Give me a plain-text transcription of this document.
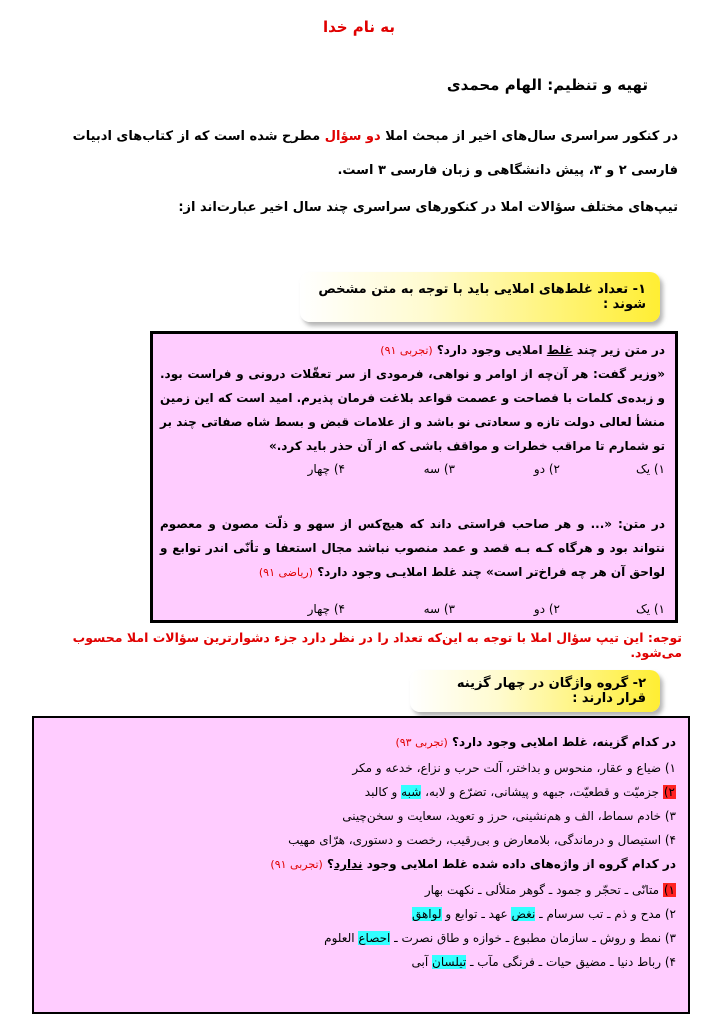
به نام خدا
تهیه و تنظیم: الهام محمدی
در کنکور سراسری سال‌های اخیر از مبحث املا دو سؤال مطرح شده است که از کتاب‌های ادبیات فارسی ۲ و ۳، پیش دانشگاهی و زبان فارسی ۳ است.
تیپ‌های مختلف سؤالات املا در کنکورهای سراسری چند سال اخیر عبارت‌اند از:
۱- تعداد غلط‌های املایی باید با توجه به متن مشخص شوند :
در متن زیر چند غلط املایی وجود دارد؟ (تجربی ۹۱)
«وزیر گفت: هر آن‌چه از اوامر و نواهی، فرمودی از سر تعقّلات درونی و فراست بود. و زبده‌ی کلمات با فصاحت و عصمت قواعد بلاغت فرمان پذیرم. امید است که این زمین منشأ لعالی دولت تازه و سعادتی نو باشد و از علامات قبض و بسط شاه صفاتی چند بر تو شمارم تا مراقب خطرات و مواقف باشی که از آن حذر باید کرد.»
۱) یک
۲) دو
۳) سه
۴) چهار
در متن: «... و هر صاحب فراستی داند که هیچ‌کس از سهو و ذلّت مصون و معصوم نتواند بود و هرگاه کـه بـه قصد و عمد منصوب نباشد مجال استعفا و تأنّی اندر توابع و لواحق آن هر چه فراخ‌تر است» چند غلط املایـی وجود دارد؟ (ریاضی ۹۱)
۱) یک
۲) دو
۳) سه
۴) چهار
توجه: این تیپ سؤال املا با توجه به این‌که تعداد را در نظر دارد جزء دشوارترین سؤالات املا محسوب می‌شود.
۲- گروه واژگان در چهار گزینه قرار دارند :
در کدام گزینه، غلط املایی وجود دارد؟ (تجربی ۹۳)
۱) ضیاع و عقار، منحوس و بداختر، آلت حرب و نزاع، خدعه و مکر
۲) جزمیّت و قطعیّت، جبهه و پیشانی، تضرّع و لابه، شبه و کالبد
۳) خادم سماط، الف و هم‌نشینی، حرز و تعوید، سعایت و سخن‌چینی
۴) استیصال و درماندگی، بلامعارض و بی‌رقیب، رخصت و دستوری، هرّای مهیب
در کدام گروه از واژه‌های داده شده غلط املایی وجود ندارد؟ (تجربی ۹۱)
۱) متانّی ـ تحجّر و جمود ـ گوهر متلألی ـ نکهت بهار
۲) مدح و ذم ـ تب سرسام ـ نغض عهد ـ توابع و لواهق
۳) نمط و روش ـ سازمان مطبوع ـ خوازه و طاق نصرت ـ احصاع العلوم
۴) رباط دنیا ـ مضیق حیات ـ فرنگی مآب ـ تیلسان آبی
